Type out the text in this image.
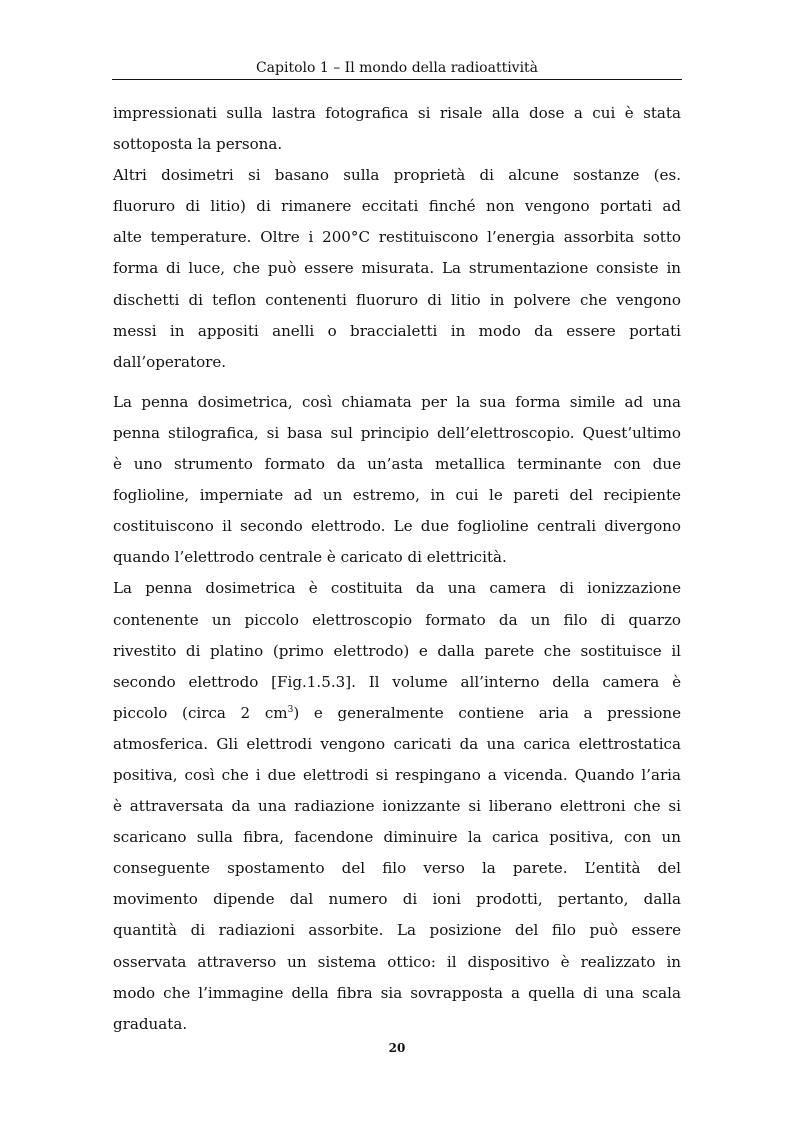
Capitolo 1 – Il mondo della radioattività

impressionati sulla lastra fotografica si risale alla dose a cui è stata
sottoposta la persona.

Altri dosimetri si basano sulla proprietà di alcune sostanze (es.
fluoruro di litio) di rimanere eccitati finché non vengono portati ad
alte temperature. Oltre i 200°C restituiscono l’energia assorbita sotto
forma di luce, che può essere misurata. La strumentazione consiste in
dischetti di teflon contenenti fluoruro di litio in polvere che vengono
messi in appositi anelli o braccialetti in modo da essere portati
dall’operatore.

La penna dosimetrica, così chiamata per la sua forma simile ad una
penna stilografica, si basa sul principio dell’elettroscopio. Quest’ultimo
è uno strumento formato da un’asta metallica terminante con due
foglioline, imperniate ad un estremo, in cui le pareti del recipiente
costituiscono il secondo elettrodo. Le due foglioline centrali divergono
quando l’elettrodo centrale è caricato di elettricità.

La penna dosimetrica è costituita da una camera di ionizzazione
contenente un piccolo elettroscopio formato da un filo di quarzo
rivestito di platino (primo elettrodo) e dalla parete che sostituisce il
secondo elettrodo [Fig.1.5.3]. Il volume all’interno della camera è
piccolo (circa 2 $cm^3$) e generalmente contiene aria a pressione
atmosferica. Gli elettrodi vengono caricati da una carica elettrostatica
positiva, così che i due elettrodi si respingano a vicenda. Quando l’aria
è attraversata da una radiazione ionizzante si liberano elettroni che si
scaricano sulla fibra, facendone diminuire la carica positiva, con un
conseguente spostamento del filo verso la parete. L’entità del
movimento dipende dal numero di ioni prodotti, pertanto, dalla
quantità di radiazioni assorbite. La posizione del filo può essere
osservata attraverso un sistema ottico: il dispositivo è realizzato in
modo che l’immagine della fibra sia sovrapposta a quella di una scala
graduata.

20
